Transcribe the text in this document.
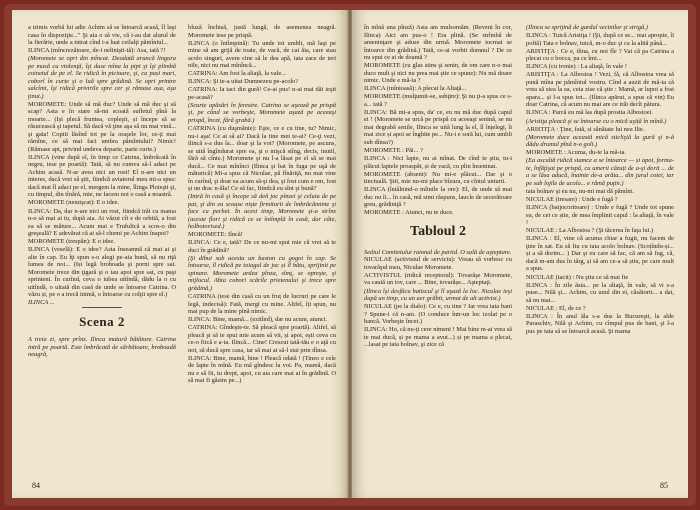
a trimis vorbă lui adie Achim să se întoarcă acasă, îl laşi casa în dispoziţie..." Şi aia o să vie, că i-au dat alurul de la fierărie, unde a intrat cînd i-a luat ceilalţi pămîntul...

ILINCA (mîncrezătoare, de-i nelinişti-tă): Asa, tată ?!

(Moromete se opri din mîncat. Deodată aruncă lingura pe masă cu violenţă, îşi duse mîna la pipi şi îşi plimbă coinetul de pe el. Se ridică în picioare, şi, cu pași mari, coborî în curte şi o luă spre grădină. Se opri printre salcîmi, îşi ridică privirile spre cer şi rămase așa, aşa ţinut.)

MOROMETE: Unde să mă duc? Unde să mă duc şi să scap? Asta e în stare să-mi scoată sufletul pînă la moarte... (Iși plecă fruntea, copleşit, și începe să se răsucească şi tapetul. Să dacă vă ţine aşa să nu mai vină... şi gata! Copiii lăsînd tot pe la oraşele lor, ce-ţi mai rămîne, ce să mai faci umbra pămîntului? Nimic! (Rămase apt, privind undeva departe, parte curte.)

ILINCA (vine după el, în timp ce Catrina, îmbrăcată în negru, iese pe poartă): Tată, să nu cumva să-l adaci pe Achim acasă. N-ar avea nici un rost! El n-are nici un interes, dacă vrei să ştii, fiindcă aviatorul meu mi-a spus: dacă mai îl adaci pe el, mergem la mine, îlinga Ploieşti şi, cu timpul, din tînără, mie, ne facem noi o casă a noastră.

MOROMETE (nemişcat): E o idee.

ILINCA: Da, dar n-are nici un rost, fiindcă trăi cu mama n-o să mai ai tu, după aia. Ai văzut cît e de orbită, a fost ea să se măture... Acum mai e Trufulică a scos-o din greşeală? E adevărat că ai să-l chemi pe Achim înapoi?

MOROMETE (trespăn): E o idee.

ILINCA (veselă): E o idee? Asta înseamnă că mai ai şi alte în cap. Eu îţi spun s-o alegi pe-aia bună, să nu riţă lumea de noi... (Iși legă broboada şi porni spre sat. Moromete trece din ţigară şi o iau apoi spre sat, cu paşi sprinteni. În curînd, ceva o iubea uitîndă, dădu la o cu uitîndă, o uitată din casă de unde se întoarse Catrina. O văzu și, pe o a trecă inimă, o întoarse cu colţii spre el.)

ILINCA ...

Scena 2
A treia zi, spre prînz. Ilinca matură bătăture. Catrina intră pe poartă. Este îmbrăcată de sărbătoare, broboadă neagră,

bluză închisă, justă lungă, de asemenea neagră. Moromete iese pe prispă.

ILINCA (o întîmpină): Tu unde tot umbli, mă laşi pe mine să am grijă de toate, de vacă, de cai ăia, care stau acolo singuri, avem cine să le dea apă, tata zace de teri nile, nici nu mai mînîncă...

CATRINA: Am fost la aliaţă, la vale...

ILINCA: Şi te-a uitat Dumnezeu pe-acolo?

CATRINA: Ia taci din gură! Ce-ai pus! n-ai mai dăi ieşit pe-acasă?

(Scurte apăsări în ferestre. Catrina se aşează pe prispă şi, pe când se vorbeşte, Moromete aşază pe aceeaşi prispă, încet, fără grabă.)

CATRINA (cu duşmănie): Eşte, ce e cu tine, tu? Nimic, nu-i aşa! Ce ai să ai? Dacă la tine mei te-ai? Ce-ţi vezi, ilincă s-a dus la... doar şi la voi? (Moromete, pe ascuns, se uită îngîndurat spre ea, şi o mişcă stîng, decis, inutil, fără să cînte.) Moromete şi nu l-a lăsat pe el să se mai ducă... Ce mai mînînci (Ilinca şi bat în fuga pe uşă de măturică) Mi-a spus că Niculae, pă fînăriţă, nu mai vine în curînd, şi doar ea acum să-şi dea, şi fost cum e om, fost și un drac n-ăla! Ce să fac, fiindcă eu sînt şi bună?

(Intră în casă şi începe să deă joc pînzei şi celuia de pe pat, şi din ea scoase nişte firmiturii de îmbrăcăminte şi face cu pechet. În acest timp, Moromete şi-a strîns (aceste flori şi ridică ce se întîmplă în casă, dar câte, holbotovised.)

MOROMETE: Iîncă!

ILINCA: Ce e, tată? De ce nu-mi spui mie că vrei să te duci în grădină?

(Şi dibui sub acesta un baston cu gogoi în cap. Se întoarse, îl ridică pe toiagul de joc și îl bătu, sprijinit pe spinare. Moromete ardea pînza, sîmţ, se opreşte, şi mijlocul. Abia cobori scările prietenului şi trece spre grădină.)

CATRINA (iese din casă cu un fruț de lucruri pe care le legă, indecisă): Fată, mergi cu mine. Altfel, îți spun, nu mai pup de la mine pînă nimic.

ILINCA: Bine, mamă... (ezitînd), dar nu acum, atunci.

CATRINA: Gîndeşte-te. Să pleacă spre poartă). Altfel, să pleacă şi să te spui mie acum să vii, și apoi, eşti ceva cu ce-o fiică e a-ta. Ilincă... Cine! Crescut tată-tău e o aţă cu noi, să ducă spre casa, iar să mai ai să-l stai prin dînsa.

ILINCA: Bine, mamă, bine ! Pleacă odată ! (Tineo e cele de lapte în mînă. Eu mă gîndesc la voi. Pa, mamă, dacă nu e să fii, tu drept, apoi, cu aia care mai ai în grădină. O să mai fi găsim pe...)

84

în mînă una pînză) Asta am mulsomăm. (Reveni în cor, Ilinca) Aici am pus-o ! Era plină. (Se strîmbă de ameninţare şi aduse din urmă. Moromete tocmai se întoarce din grădină.) Tată, ce-ai vorbit domnul ? De ce nu spui ce ai de doamă ?

MOROMETE (cu glas stins şi senin, de om care n-o mai duce mult şi nici nu prea mai ştie ce spune): Nu mă doare nimic. Unde e mă-ta ?

ILINCA (mînioasă): A plecat la Aliaţă...

MOROMETE (mulţumit-se, subţire): Şi nu ţi-a spus ce s-a... tată ?

ILINCA: Bă mi-a spus, da' ce, eu nu mă duc după capul ei ! (Moromete se urcă pe prispă cu aceeaşi senină, se nu mai degrabă senile, Ilinca se uită lung la el, îl înțelegi, îi mai zice și apoi se înghite pe... Nu-i e soră lui, cum umbli sub dînsa?)

MOROMETE : Păi... ?

ILINCA : Nici lapte, nu ai mînat. De cînd te ştiu, tu-i plăcut laptele proaspăt, și de vacă, cu plin înseninat.

MOROMETE (absent): Nu mi-e plăcut... Dar şi o tinctuală. Ştii, mie nu-mi place bîzura, cu cîntul unturii.

ILINCA (întâlnind-o mîinile la ore): El, de unde să mai duc nu îi... în casă, mă simt răspuns, laucle de secerătoare greu, grădiniţă ?

MOROMETE : Atunci, nu te duce.

Tabloul 2
Sediul Comitetului raional de partid. O sală de aşteptare.

NICULAE (activistul de serviciu): Vreau să vorbesc cu tovarăşul meu, Niculae Moromete.

ACTIVISTUL (ridică receptorul): Tovarăşe Moromete, va caută un tov, care ... Bine, tovarășe... Aşteptaţi.

(Ilinca îşi desfăcu batiscul şi îl aşază la loc. Niculae ieşi după un timp, cu un aer grăbit, urmat de alt activist.)

NICULAE (pe la dialo): Ce e, cu tine ? Iar vrea tata bani ? Spune-i că n-am. (O conduce într-un loc izolat pe o bancă. Vorbeşte încet.)

ILINCA: Ho, că nu-ţi cere nimeni ! Mai bine m-ai vrea să te mai ducă, și pe mama a avut...) și pe mama a plecat, ...lasat pe tata bolnav, şi zice că

(Ilinca se sprijină de gardul vecinilor şi strigă.)

ILINCA : Tuică Aristiţa ! (Şi, după ce se... mai apropie, îi poftă) Tata e bolnav, tuică, m-o duc şi ca la alită până...

ARISTIŢA : Ce e, ilina, cu noi fîe ? Vai că pa Catrina a plecat cu o bocca, pa ce îmi...

ILINCA (cu ironie) : La aliaţă, în vale !

ARISTIŢA : La Albostoa ! Vezi, fă, că Albostoa vrea să pună mîna pe pămîntul vostru. Cînd a auzit de mă-ta că vrea să stea la ea, ceia zise că ştie : Mamă, ar lupoi a fost apara... și l-a spus tot... (Ilinca apărut, a spus că vin) Eu doar Catrina, că acum nu mai are ce trăi decît pătura.

ILINCA : Parcă eu mă las după prostia Albostoei.

(Aristiţa pleacă şi se întoarse cu o mică uşiță în mînă.)

ARISTIŢA : Ţine, fată, si sănătate lui nea Ilie.

(Moromete duce această mică sticlişiă la gură şi n-ă dădu drumul pînă n-o goli.)

MOROMETE : Acuma, du-te la mă-ta.

(Ea ascultă ridică stamce a se întoarce — și apoi, forma-te, înfăţişat pe prispă, cu umerii căzuți de a-şi dorit ... de a se lăsa aducă, înainte de-a arăta... din jurul cotei, iar pe sub lojile de acolo... e rămă puţin.)

tata bolnav şi eu nu, nu-mi mai dă pămînt.

NICULAE (tresare) : Unde e fugă ?

ILINCA (batjocoritoare) : Unde e fugă ? Unde tot spune ea, de cei ce știe, de mea împlinit capul : la aliaţă, în vale !

NICULAE : La Albostoa ? (Şi tăcerea în faţa lui.)

ILINCA : El, vine că acuma chiar a fugit, nu facem de ţine în sat. Eu să fiu cu tata acolo bolnav. (Scoțîndu-și... și a să dorim... ) Dar şi eu care să fac, că am să fug, că, dacă m-am dus în târg, și să am ce-a să știu, pe care mult a spus.

NICULAE (tacit) : Nu ştiu ce să mai fie

ILINCA : În zile ăsta... pe la aliaţă, în vale, să vi s-a puse... Nilă şi... Achim, cu unul din ei, căsătorit... a dat, să nu mai...

NICULAE : El, de ce ?

ILINCA : În anul ăla s-a dus la Bucureşti, la alde Paraschiv, Nilă şi Achim, cu cîmpul pus de bani, şi l-a pus pe tata să se întoarcă acasă. Şi mama

85
